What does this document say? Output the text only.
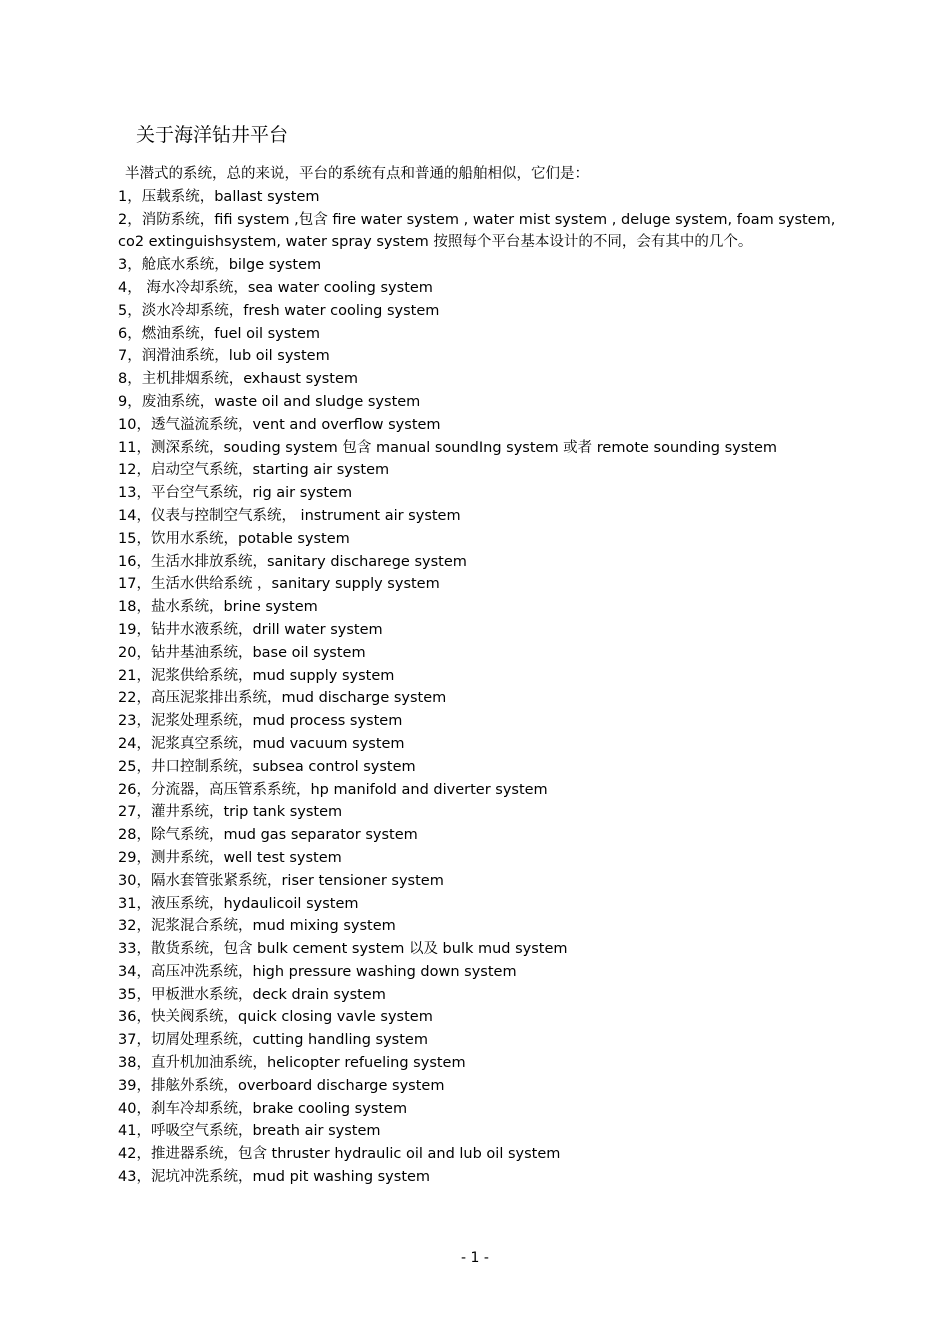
关于海洋钻井平台
半潜式的系统，总的来说，平台的系统有点和普通的船舶相似，它们是：
1，压载系统，ballast system
2，消防系统，fifi system ,包含 fire water system , water mist system , deluge system, foam system, co2 extinguishsystem, water spray system 按照每个平台基本设计的不同，会有其中的几个。
3，舱底水系统，bilge system
4， 海水冷却系统，sea water cooling system
5，淡水冷却系统，fresh water cooling system
6，燃油系统，fuel oil system
7，润滑油系统，lub oil system
8，主机排烟系统，exhaust system
9，废油系统，waste oil and sludge system
10，透气溢流系统，vent and overflow system
11，测深系统，souding system 包含 manual soundIng system 或者 remote sounding system
12，启动空气系统，starting air system
13，平台空气系统，rig air system
14，仪表与控制空气系统， instrument air system
15，饮用水系统，potable system
16，生活水排放系统，sanitary discharege system
17，生活水供给系统 ，sanitary supply system
18，盐水系统，brine system
19，钻井水液系统，drill water system
20，钻井基油系统，base oil system
21，泥浆供给系统，mud supply system
22，高压泥浆排出系统，mud discharge system
23，泥浆处理系统，mud process system
24，泥浆真空系统，mud vacuum system
25，井口控制系统，subsea control system
26，分流器，高压管系系统，hp manifold and diverter system
27，灌井系统，trip tank system
28，除气系统，mud gas separator system
29，测井系统，well test system
30，隔水套管张紧系统，riser tensioner system
31，液压系统，hydaulicoil system
32，泥浆混合系统，mud mixing system
33，散货系统，包含 bulk cement system 以及 bulk mud system
34，高压冲洗系统，high pressure washing down system
35，甲板泄水系统，deck drain system
36，快关阀系统，quick closing vavle system
37，切屑处理系统，cutting handling system
38，直升机加油系统，helicopter refueling system
39，排舷外系统，overboard discharge system
40，刹车冷却系统，brake cooling system
41，呼吸空气系统，breath air system
42，推进器系统，包含 thruster hydraulic oil and lub oil system
43，泥坑冲洗系统，mud pit washing system
- 1 -
